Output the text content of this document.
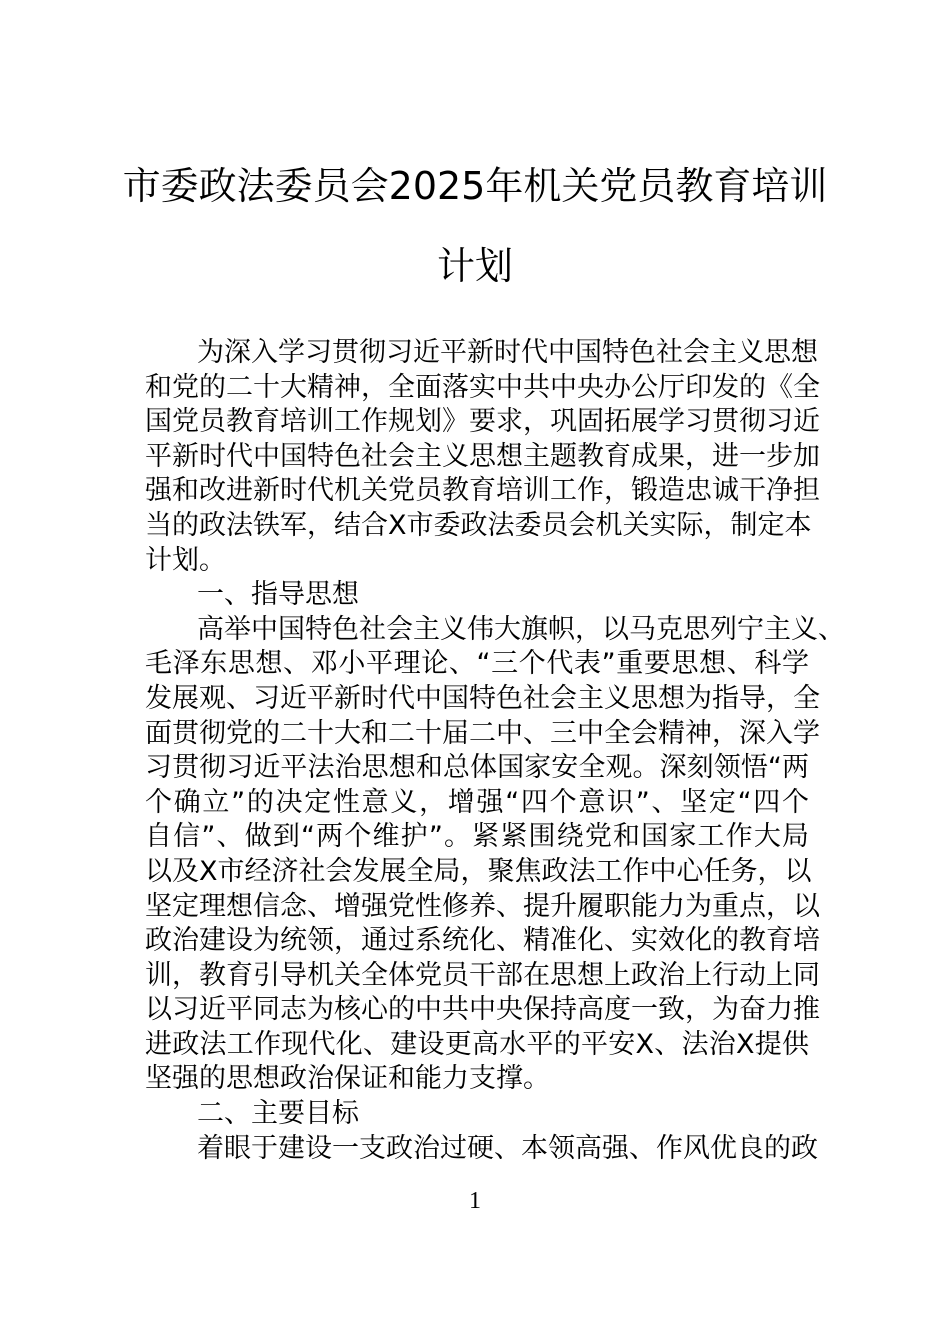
市委政法委员会2025年机关党员教育培训
计划
为深入学习贯彻习近平新时代中国特色社会主义思想
和党的二十大精神，全面落实中共中央办公厅印发的《全
国党员教育培训工作规划》要求，巩固拓展学习贯彻习近
平新时代中国特色社会主义思想主题教育成果，进一步加
强和改进新时代机关党员教育培训工作，锻造忠诚干净担
当的政法铁军，结合X市委政法委员会机关实际，制定本
计划。
一、指导思想
高举中国特色社会主义伟大旗帜，以马克思列宁主义、
毛泽东思想、邓小平理论、“三个代表”重要思想、科学
发展观、习近平新时代中国特色社会主义思想为指导，全
面贯彻党的二十大和二十届二中、三中全会精神，深入学
习贯彻习近平法治思想和总体国家安全观。深刻领悟“两
个确立”的决定性意义，增强“四个意识”、坚定“四个
自信”、做到“两个维护”。紧紧围绕党和国家工作大局
以及X市经济社会发展全局，聚焦政法工作中心任务，以
坚定理想信念、增强党性修养、提升履职能力为重点，以
政治建设为统领，通过系统化、精准化、实效化的教育培
训，教育引导机关全体党员干部在思想上政治上行动上同
以习近平同志为核心的中共中央保持高度一致，为奋力推
进政法工作现代化、建设更高水平的平安X、法治X提供
坚强的思想政治保证和能力支撑。
二、主要目标
着眼于建设一支政治过硬、本领高强、作风优良的政
1
